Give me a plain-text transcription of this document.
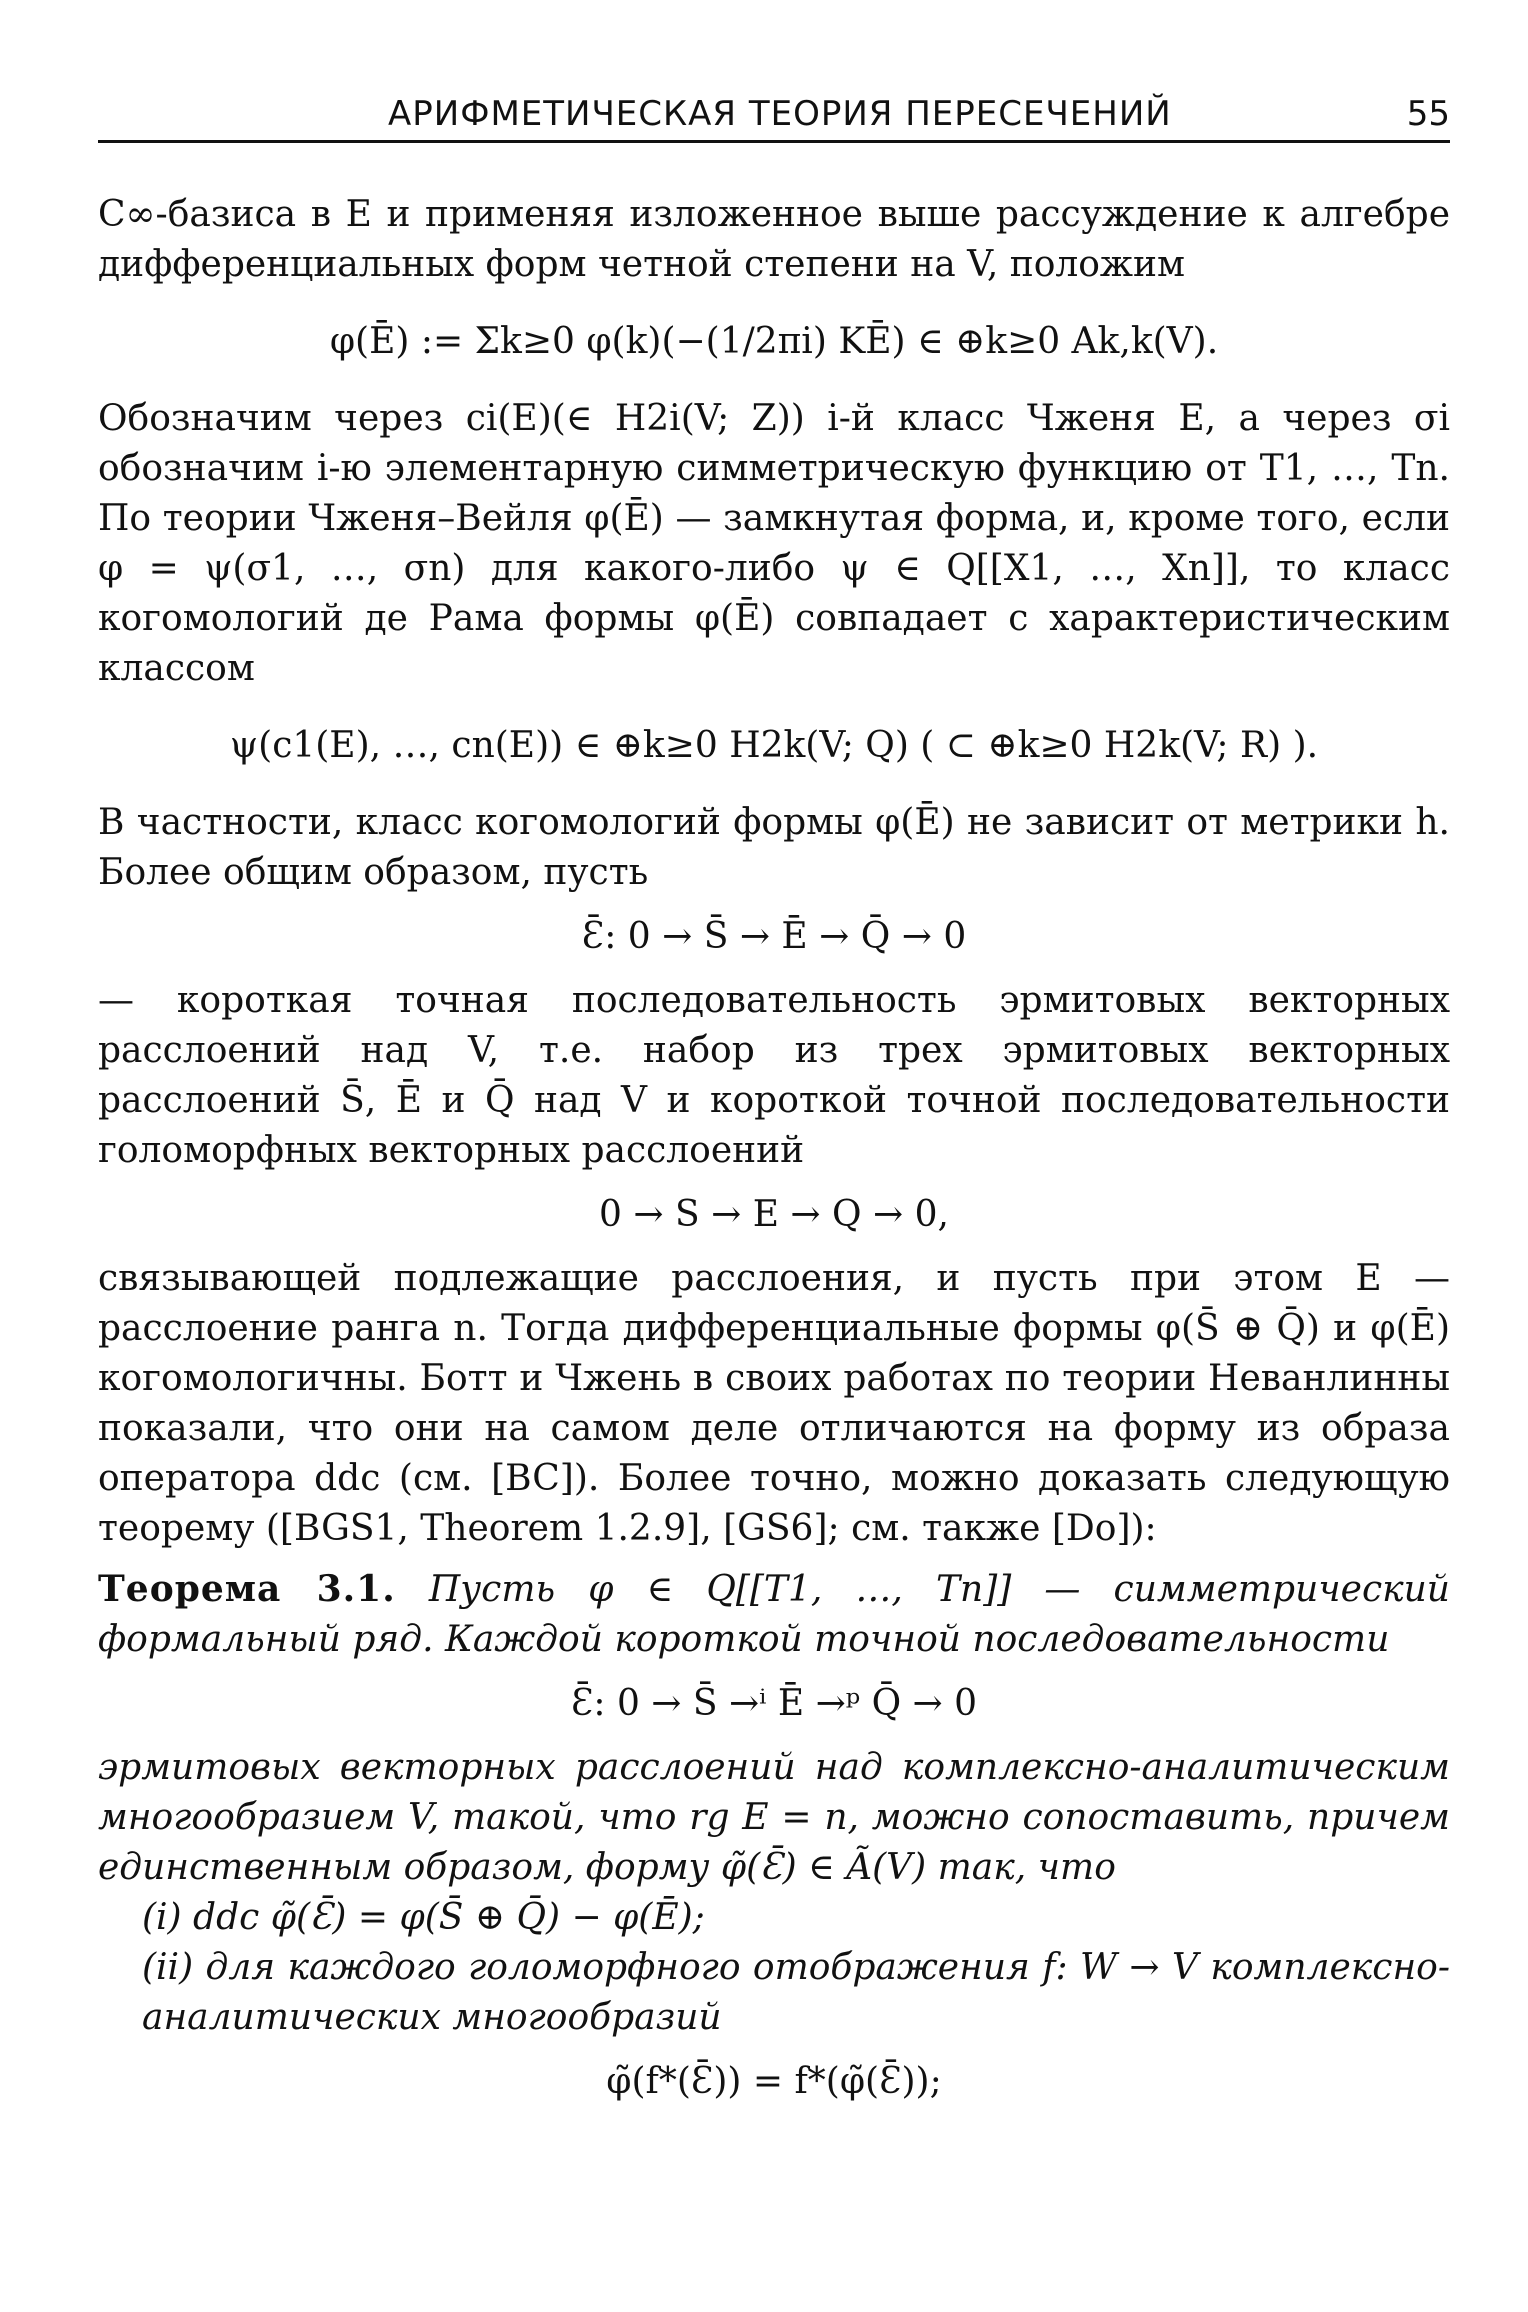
АРИФМЕТИЧЕСКАЯ ТЕОРИЯ ПЕРЕСЕЧЕНИЙ	55

C∞-базиса в E и применяя изложенное выше рассуждение к алгебре дифференциальных форм четной степени на V, положим

φ(Ē) := Σk≥0 φ(k)(−(1/2πi) KĒ) ∈ ⊕k≥0 Ak,k(V).

Обозначим через ci(E)(∈ H2i(V; Z)) i-й класс Чженя E, а через σi обозначим i-ю элементарную симметрическую функцию от T1, …, Tn. По теории Чженя–Вейля φ(Ē) — замкнутая форма, и, кроме того, если φ = ψ(σ1, …, σn) для какого-либо ψ ∈ Q[[X1, …, Xn]], то класс когомологий де Рама формы φ(Ē) совпадает с характеристическим классом

ψ(c1(E), …, cn(E)) ∈ ⊕k≥0 H2k(V; Q) ( ⊂ ⊕k≥0 H2k(V; R) ).

В частности, класс когомологий формы φ(Ē) не зависит от метрики h. Более общим образом, пусть

Ɛ̄: 0 → S̄ → Ē → Q̄ → 0

— короткая точная последовательность эрмитовых векторных расслоений над V, т.е. набор из трех эрмитовых векторных расслоений S̄, Ē и Q̄ над V и короткой точной последовательности голоморфных векторных расслоений

0 → S → E → Q → 0,

связывающей подлежащие расслоения, и пусть при этом E — расслоение ранга n. Тогда дифференциальные формы φ(S̄ ⊕ Q̄) и φ(Ē) когомологичны. Ботт и Чжень в своих работах по теории Неванлинны показали, что они на самом деле отличаются на форму из образа оператора ddc (см. [BC]). Более точно, можно доказать следующую теорему ([BGS1, Theorem 1.2.9], [GS6]; см. также [Do]):

Теорема 3.1. Пусть φ ∈ Q[[T1, …, Tn]] — симметрический формальный ряд. Каждой короткой точной последовательности

Ɛ̄: 0 → S̄ →ⁱ Ē →ᵖ Q̄ → 0

эрмитовых векторных расслоений над комплексно-аналитическим многообразием V, такой, что rg E = n, можно сопоставить, причем единственным образом, форму φ̃(Ɛ̄) ∈ Ã(V) так, что

(i) ddc φ̃(Ɛ̄) = φ(S̄ ⊕ Q̄) − φ(Ē);

(ii) для каждого голоморфного отображения f: W → V комплексно-аналитических многообразий

φ̃(f*(Ɛ̄)) = f*(φ̃(Ɛ̄));
